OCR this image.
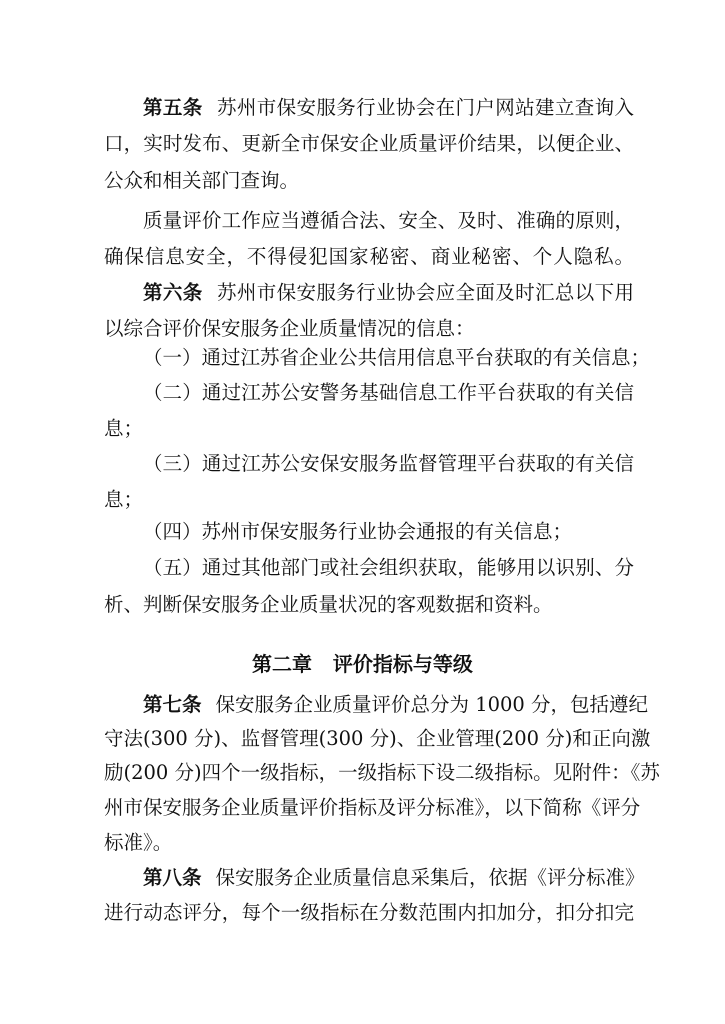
第五条 苏州市保安服务行业协会在门户网站建立查询入
口，实时发布、更新全市保安企业质量评价结果，以便企业、
公众和相关部门查询。
质量评价工作应当遵循合法、安全、及时、准确的原则，
确保信息安全，不得侵犯国家秘密、商业秘密、个人隐私。
第六条 苏州市保安服务行业协会应全面及时汇总以下用
以综合评价保安服务企业质量情况的信息：
（一）通过江苏省企业公共信用信息平台获取的有关信息；
（二）通过江苏公安警务基础信息工作平台获取的有关信
息；
（三）通过江苏公安保安服务监督管理平台获取的有关信
息；
（四）苏州市保安服务行业协会通报的有关信息；
（五）通过其他部门或社会组织获取，能够用以识别、分
析、判断保安服务企业质量状况的客观数据和资料。
第二章   评价指标与等级
第七条 保安服务企业质量评价总分为 1000 分，包括遵纪
守法(300 分)、监督管理(300 分)、企业管理(200 分)和正向激
励(200 分)四个一级指标，一级指标下设二级指标。见附件：《苏
州市保安服务企业质量评价指标及评分标准》，以下简称《评分
标准》。
第八条 保安服务企业质量信息采集后，依据《评分标准》
进行动态评分，每个一级指标在分数范围内扣加分，扣分扣完
